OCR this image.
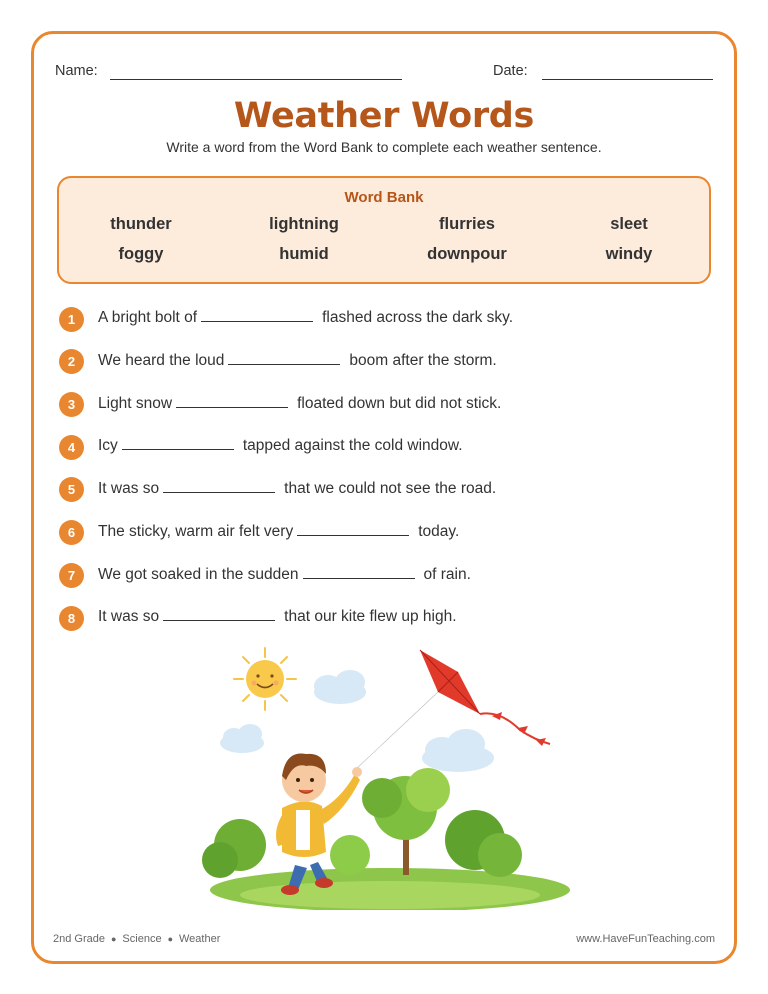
Name:	Date:
Weather Words
Write a word from the Word Bank to complete each weather sentence.
Word Bank
thunder	lightning	flurries	sleet
foggy	humid	downpour	windy
1	A bright bolt of	flashed across the dark sky.
2	We heard the loud	boom after the storm.
3	Light snow	floated down but did not stick.
4	Icy	tapped against the cold window.
5	It was so	that we could not see the road.
6	The sticky, warm air felt very	today.
7	We got soaked in the sudden	of rain.
8	It was so	that our kite flew up high.
2nd Grade ● Science ● Weather	www.HaveFunTeaching.com
